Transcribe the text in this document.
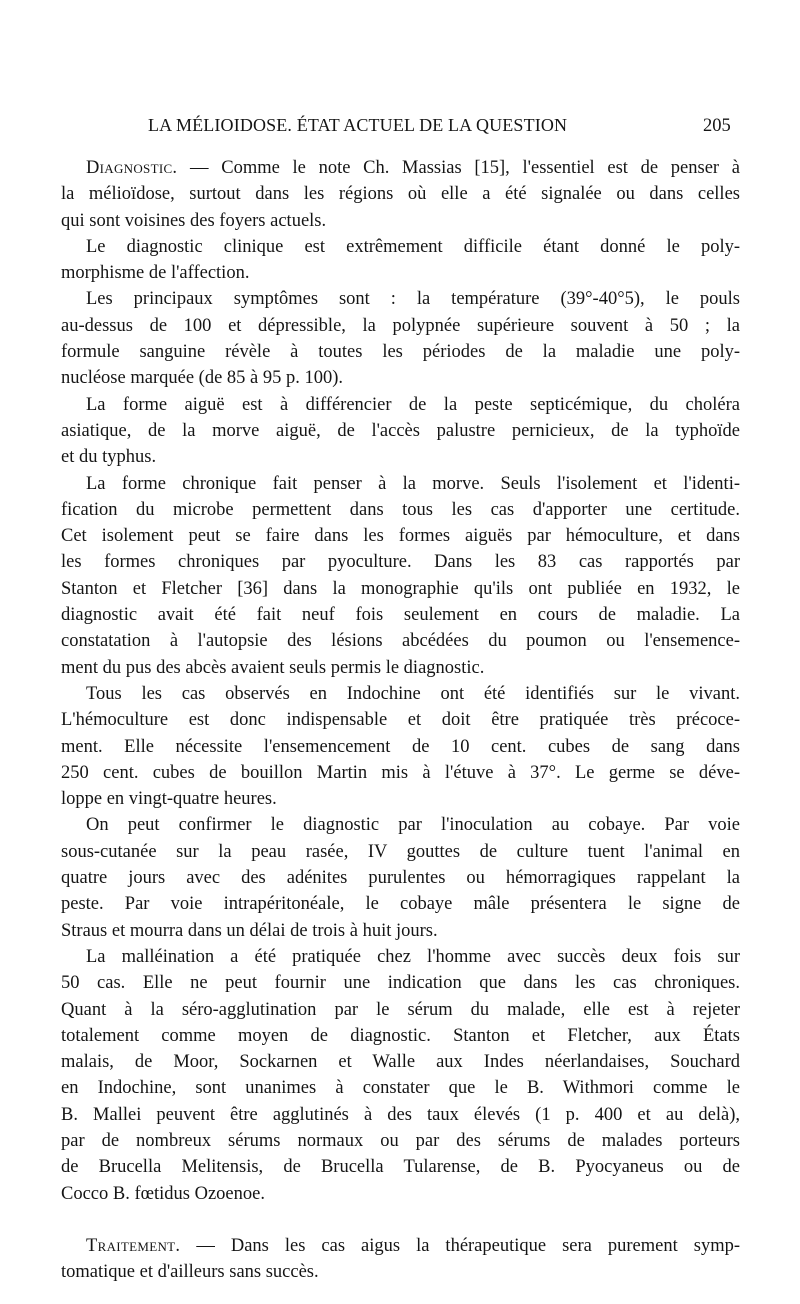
LA MÉLIOIDOSE. ÉTAT ACTUEL DE LA QUESTION	205
Diagnostic. — Comme le note Ch. Massias [15], l'essentiel est de penser à
la mélioïdose, surtout dans les régions où elle a été signalée ou dans celles
qui sont voisines des foyers actuels.
Le diagnostic clinique est extrêmement difficile étant donné le poly-
morphisme de l'affection.
Les principaux symptômes sont : la température (39°-40°5), le pouls
au-dessus de 100 et dépressible, la polypnée supérieure souvent à 50 ; la
formule sanguine révèle à toutes les périodes de la maladie une poly-
nucléose marquée (de 85 à 95 p. 100).
La forme aiguë est à différencier de la peste septicémique, du choléra
asiatique, de la morve aiguë, de l'accès palustre pernicieux, de la typhoïde
et du typhus.
La forme chronique fait penser à la morve. Seuls l'isolement et l'identi-
fication du microbe permettent dans tous les cas d'apporter une certitude.
Cet isolement peut se faire dans les formes aiguës par hémoculture, et dans
les formes chroniques par pyoculture. Dans les 83 cas rapportés par
Stanton et Fletcher [36] dans la monographie qu'ils ont publiée en 1932, le
diagnostic avait été fait neuf fois seulement en cours de maladie. La
constatation à l'autopsie des lésions abcédées du poumon ou l'ensemence-
ment du pus des abcès avaient seuls permis le diagnostic.
Tous les cas observés en Indochine ont été identifiés sur le vivant.
L'hémoculture est donc indispensable et doit être pratiquée très précoce-
ment. Elle nécessite l'ensemencement de 10 cent. cubes de sang dans
250 cent. cubes de bouillon Martin mis à l'étuve à 37°. Le germe se déve-
loppe en vingt-quatre heures.
On peut confirmer le diagnostic par l'inoculation au cobaye. Par voie
sous-cutanée sur la peau rasée, IV gouttes de culture tuent l'animal en
quatre jours avec des adénites purulentes ou hémorragiques rappelant la
peste. Par voie intrapéritonéale, le cobaye mâle présentera le signe de
Straus et mourra dans un délai de trois à huit jours.
La malléination a été pratiquée chez l'homme avec succès deux fois sur
50 cas. Elle ne peut fournir une indication que dans les cas chroniques.
Quant à la séro-agglutination par le sérum du malade, elle est à rejeter
totalement comme moyen de diagnostic. Stanton et Fletcher, aux États
malais, de Moor, Sockarnen et Walle aux Indes néerlandaises, Souchard
en Indochine, sont unanimes à constater que le B. Withmori comme le
B. Mallei peuvent être agglutinés à des taux élevés (1 p. 400 et au delà),
par de nombreux sérums normaux ou par des sérums de malades porteurs
de Brucella Melitensis, de Brucella Tularense, de B. Pyocyaneus ou de
Cocco B. fœtidus Ozoenoe.
Traitement. — Dans les cas aigus la thérapeutique sera purement symp-
tomatique et d'ailleurs sans succès.
